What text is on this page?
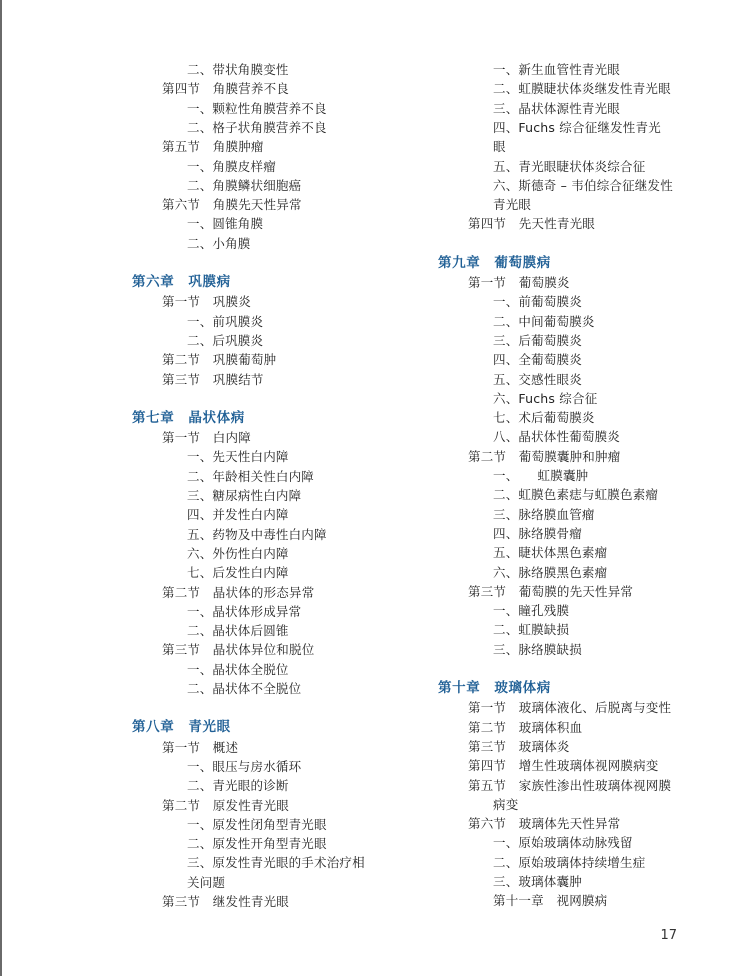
二、带状角膜变性
第四节　角膜营养不良
一、颗粒性角膜营养不良
二、格子状角膜营养不良
第五节　角膜肿瘤
一、角膜皮样瘤
二、角膜鳞状细胞癌
第六节　角膜先天性异常
一、圆锥角膜
二、小角膜
第六章　巩膜病
第一节　巩膜炎
一、前巩膜炎
二、后巩膜炎
第二节　巩膜葡萄肿
第三节　巩膜结节
第七章　晶状体病
第一节　白内障
一、先天性白内障
二、年龄相关性白内障
三、糖尿病性白内障
四、并发性白内障
五、药物及中毒性白内障
六、外伤性白内障
七、后发性白内障
第二节　晶状体的形态异常
一、晶状体形成异常
二、晶状体后圆锥
第三节　晶状体异位和脱位
一、晶状体全脱位
二、晶状体不全脱位
第八章　青光眼
第一节　概述
一、眼压与房水循环
二、青光眼的诊断
第二节　原发性青光眼
一、原发性闭角型青光眼
二、原发性开角型青光眼
三、原发性青光眼的手术治疗相
关问题
第三节　继发性青光眼
一、新生血管性青光眼
二、虹膜睫状体炎继发性青光眼
三、晶状体源性青光眼
四、Fuchs 综合征继发性青光
眼
五、青光眼睫状体炎综合征
六、斯德奇 – 韦伯综合征继发性
青光眼
第四节　先天性青光眼
第九章　葡萄膜病
第一节　葡萄膜炎
一、前葡萄膜炎
二、中间葡萄膜炎
三、后葡萄膜炎
四、全葡萄膜炎
五、交感性眼炎
六、Fuchs 综合征
七、术后葡萄膜炎
八、晶状体性葡萄膜炎
第二节　葡萄膜囊肿和肿瘤
一、　　虹膜囊肿
二、虹膜色素痣与虹膜色素瘤
三、脉络膜血管瘤
四、脉络膜骨瘤
五、睫状体黑色素瘤
六、脉络膜黑色素瘤
第三节　葡萄膜的先天性异常
一、瞳孔残膜
二、虹膜缺损
三、脉络膜缺损
第十章　玻璃体病
第一节　玻璃体液化、后脱离与变性
第二节　玻璃体积血
第三节　玻璃体炎
第四节　增生性玻璃体视网膜病变
第五节　家族性渗出性玻璃体视网膜
病变
第六节　玻璃体先天性异常
一、原始玻璃体动脉残留
二、原始玻璃体持续增生症
三、玻璃体囊肿
第十一章　视网膜病
17
